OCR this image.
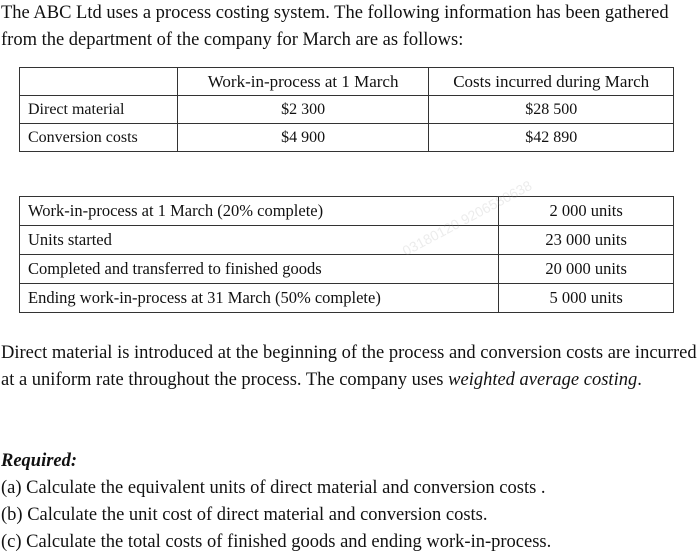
The ABC Ltd uses a process costing system. The following information has been gathered from the department of the company for March are as follows:

	Work-in-process at 1 March	Costs incurred during March
Direct material	$2 300	$28 500
Conversion costs	$4 900	$42 890
Work-in-process at 1 March (20% complete)	2 000 units
Units started	23 000 units
Completed and transferred to finished goods	20 000 units
Ending work-in-process at 31 March (50% complete)	5 000 units
03180120 9206580638

Direct material is introduced at the beginning of the process and conversion costs are incurred at a uniform rate throughout the process. The company uses weighted average costing.

Required:
(a) Calculate the equivalent units of direct material and conversion costs .
(b) Calculate the unit cost of direct material and conversion costs.
(c) Calculate the total costs of finished goods and ending work-in-process.
